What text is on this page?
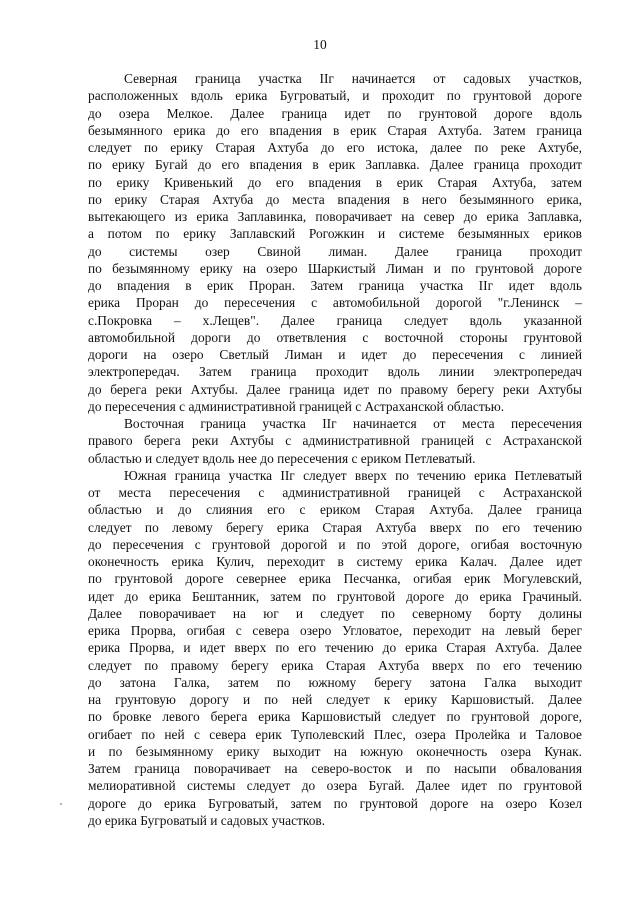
10

Северная граница участка IIг начинается от садовых участков,
расположенных вдоль ерика Бугроватый, и проходит по грунтовой дороге
до озера Мелкое. Далее граница идет по грунтовой дороге вдоль
безымянного ерика до его впадения в ерик Старая Ахтуба. Затем граница
следует по ерику Старая Ахтуба до его истока, далее по реке Ахтубе,
по ерику Бугай до его впадения в ерик Заплавка. Далее граница проходит
по ерику Кривенький до его впадения в ерик Старая Ахтуба, затем
по ерику Старая Ахтуба до места впадения в него безымянного ерика,
вытекающего из ерика Заплавинка, поворачивает на север до ерика Заплавка,
а потом по ерику Заплавский Рогожкин и системе безымянных ериков
до системы озер Свиной лиман. Далее граница проходит
по безымянному ерику на озеро Шаркистый Лиман и по грунтовой дороге
до впадения в ерик Проран. Затем граница участка IIг идет вдоль
ерика Проран до пересечения с автомобильной дорогой "г.Ленинск –
с.Покровка – х.Лещев". Далее граница следует вдоль указанной
автомобильной дороги до ответвления с восточной стороны грунтовой
дороги на озеро Светлый Лиман и идет до пересечения с линией
электропередач. Затем граница проходит вдоль линии электропередач
до берега реки Ахтубы. Далее граница идет по правому берегу реки Ахтубы
до пересечения с административной границей с Астраханской областью.

Восточная граница участка IIг начинается от места пересечения
правого берега реки Ахтубы с административной границей с Астраханской
областью и следует вдоль нее до пересечения с ериком Петлеватый.

Южная граница участка IIг следует вверх по течению ерика Петлеватый
от места пересечения с административной границей с Астраханской
областью и до слияния его с ериком Старая Ахтуба. Далее граница
следует по левому берегу ерика Старая Ахтуба вверх по его течению
до пересечения с грунтовой дорогой и по этой дороге, огибая восточную
оконечность ерика Кулич, переходит в систему ерика Калач. Далее идет
по грунтовой дороге севернее ерика Песчанка, огибая ерик Могулевский,
идет до ерика Бештанник, затем по грунтовой дороге до ерика Грачиный.
Далее поворачивает на юг и следует по северному борту долины
ерика Прорва, огибая с севера озеро Угловатое, переходит на левый берег
ерика Прорва, и идет вверх по его течению до ерика Старая Ахтуба. Далее
следует по правому берегу ерика Старая Ахтуба вверх по его течению
до затона Галка, затем по южному берегу затона Галка выходит
на грунтовую дорогу и по ней следует к ерику Каршовистый. Далее
по бровке левого берега ерика Каршовистый следует по грунтовой дороге,
огибает по ней с севера ерик Туполевский Плес, озера Пролейка и Таловое
и по безымянному ерику выходит на южную оконечность озера Кунак.
Затем граница поворачивает на северо-восток и по насыпи обвалования
мелиоративной системы следует до озера Бугай. Далее идет по грунтовой
дороге до ерика Бугроватый, затем по грунтовой дороге на озеро Козел
до ерика Бугроватый и садовых участков.
